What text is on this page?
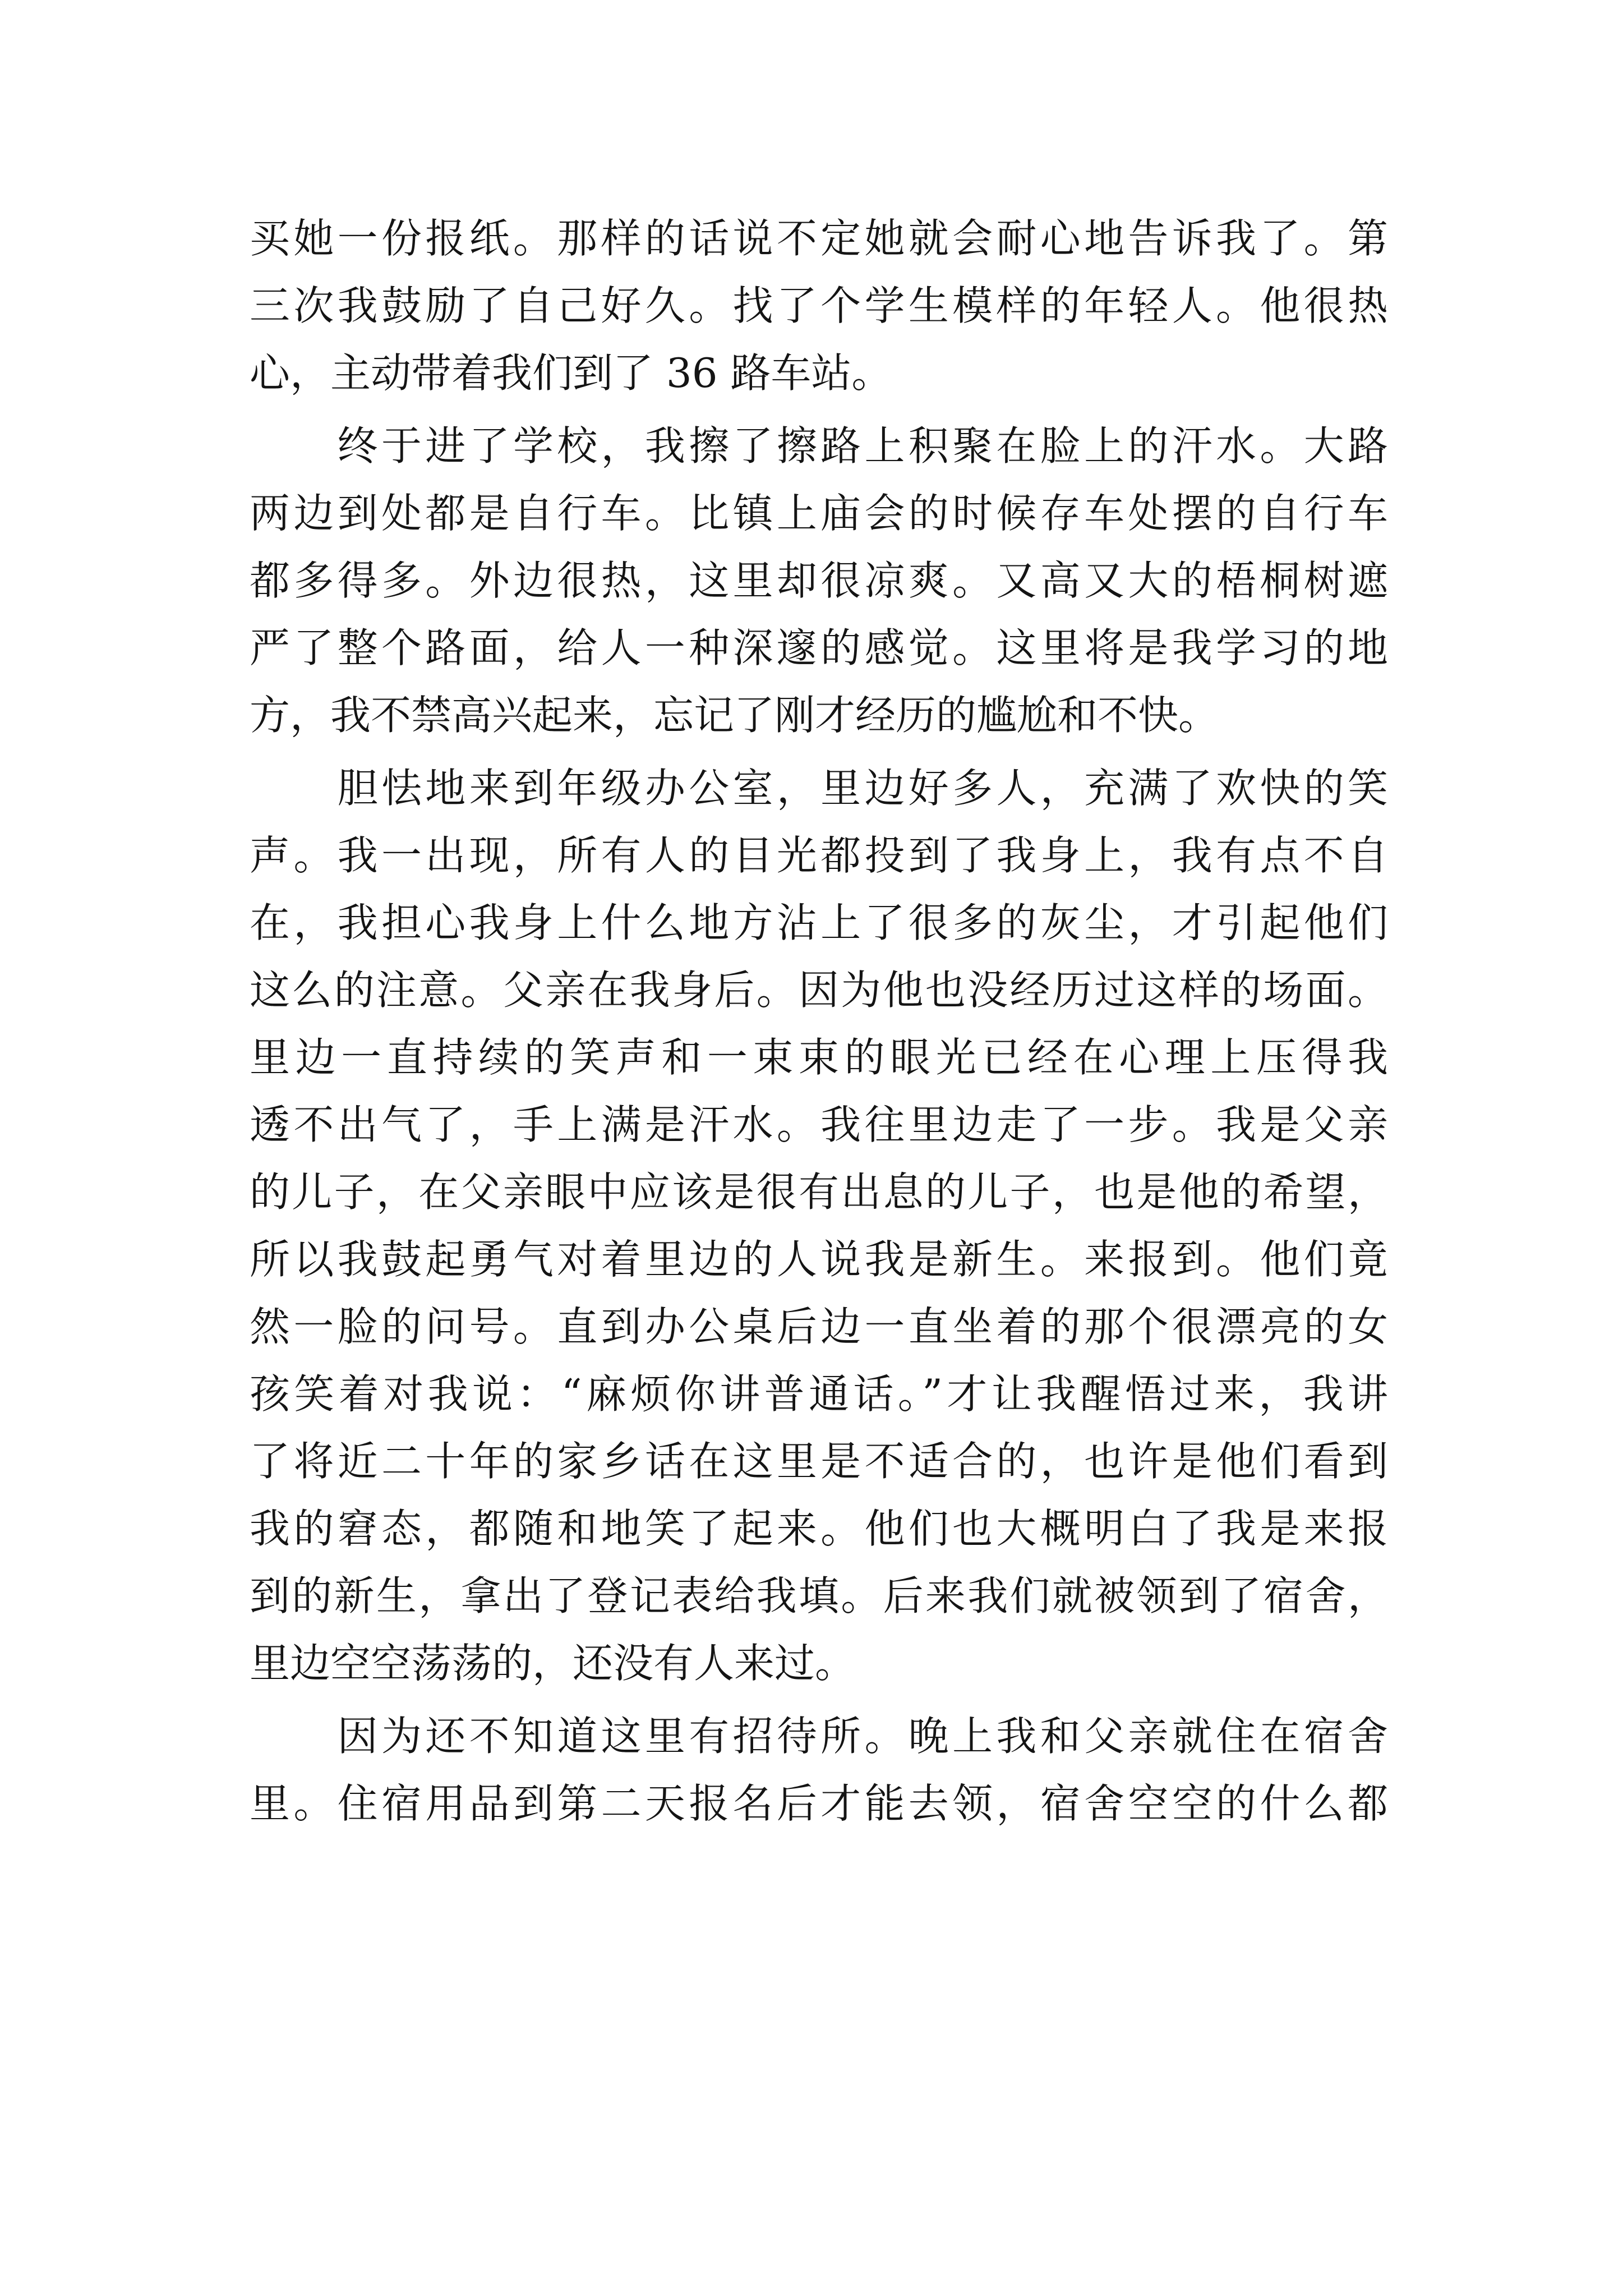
买她一份报纸。那样的话说不定她就会耐心地告诉我了。第
三次我鼓励了自己好久。找了个学生模样的年轻人。他很热
心，主动带着我们到了 36 路车站。
　　终于进了学校，我擦了擦路上积聚在脸上的汗水。大路
两边到处都是自行车。比镇上庙会的时候存车处摆的自行车
都多得多。外边很热，这里却很凉爽。又高又大的梧桐树遮
严了整个路面，给人一种深邃的感觉。这里将是我学习的地
方，我不禁高兴起来，忘记了刚才经历的尴尬和不快。
　　胆怯地来到年级办公室，里边好多人，充满了欢快的笑
声。我一出现，所有人的目光都投到了我身上，我有点不自
在，我担心我身上什么地方沾上了很多的灰尘，才引起他们
这么的注意。父亲在我身后。因为他也没经历过这样的场面。
里边一直持续的笑声和一束束的眼光已经在心理上压得我
透不出气了，手上满是汗水。我往里边走了一步。我是父亲
的儿子，在父亲眼中应该是很有出息的儿子，也是他的希望，
所以我鼓起勇气对着里边的人说我是新生。来报到。他们竟
然一脸的问号。直到办公桌后边一直坐着的那个很漂亮的女
孩笑着对我说：“麻烦你讲普通话。”才让我醒悟过来，我讲
了将近二十年的家乡话在这里是不适合的，也许是他们看到
我的窘态，都随和地笑了起来。他们也大概明白了我是来报
到的新生，拿出了登记表给我填。后来我们就被领到了宿舍，
里边空空荡荡的，还没有人来过。
　　因为还不知道这里有招待所。晚上我和父亲就住在宿舍
里。住宿用品到第二天报名后才能去领，宿舍空空的什么都
